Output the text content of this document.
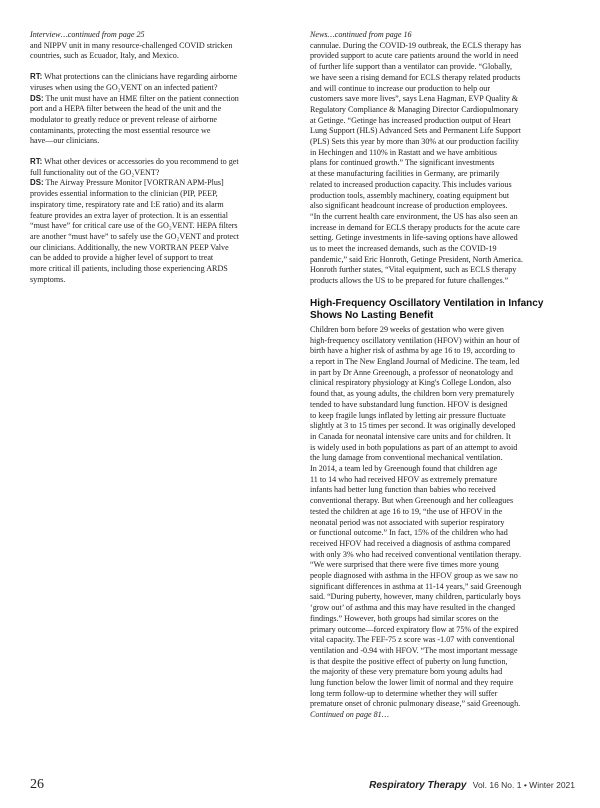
Interview…continued from page 25

and NIPPV unit in many resource-challenged COVID stricken

countries, such as Ecuador, Italy, and Mexico.

RT: What protections can the clinicians have regarding airborne

viruses when using the GO₂VENT on an infected patient?

DS: The unit must have an HME filter on the patient connection

port and a HEPA filter between the head of the unit and the

modulator to greatly reduce or prevent release of airborne

contaminants, protecting the most essential resource we

have—our clinicians.

RT: What other devices or accessories do you recommend to get

full functionality out of the GO₂VENT?

DS: The Airway Pressure Monitor [VORTRAN APM-Plus]

provides essential information to the clinician (PIP, PEEP,

inspiratory time, respiratory rate and I:E ratio) and its alarm

feature provides an extra layer of protection. It is an essential

“must have” for critical care use of the GO₂VENT. HEPA filters

are another “must have” to safely use the GO₂VENT and protect

our clinicians. Additionally, the new VORTRAN PEEP Valve

can be added to provide a higher level of support to treat

more critical ill patients, including those experiencing ARDS

symptoms.

News…continued from page 16

cannulae. During the COVID-19 outbreak, the ECLS therapy has

provided support to acute care patients around the world in need

of further life support than a ventilator can provide. “Globally,

we have seen a rising demand for ECLS therapy related products

and will continue to increase our production to help our

customers save more lives”, says Lena Hagman, EVP Quality &

Regulatory Compliance & Managing Director Cardiopulmonary

at Getinge. “Getinge has increased production output of Heart

Lung Support (HLS) Advanced Sets and Permanent Life Support

(PLS) Sets this year by more than 30% at our production facility

in Hechingen and 110% in Rastatt and we have ambitious

plans for continued growth.” The significant investments

at these manufacturing facilities in Germany, are primarily

related to increased production capacity. This includes various

production tools, assembly machinery, coating equipment but

also significant headcount increase of production employees.

“In the current health care environment, the US has also seen an

increase in demand for ECLS therapy products for the acute care

setting. Getinge investments in life-saving options have allowed

us to meet the increased demands, such as the COVID-19

pandemic,” said Eric Honroth, Getinge President, North America.

Honroth further states, “Vital equipment, such as ECLS therapy

products allows the US to be prepared for future challenges.”

High-Frequency Oscillatory Ventilation in Infancy Shows No Lasting Benefit

Children born before 29 weeks of gestation who were given

high-frequency oscillatory ventilation (HFOV) within an hour of

birth have a higher risk of asthma by age 16 to 19, according to

a report in The New England Journal of Medicine. The team, led

in part by Dr Anne Greenough, a professor of neonatology and

clinical respiratory physiology at King's College London, also

found that, as young adults, the children born very prematurely

tended to have substandard lung function. HFOV is designed

to keep fragile lungs inflated by letting air pressure fluctuate

slightly at 3 to 15 times per second. It was originally developed

in Canada for neonatal intensive care units and for children. It

is widely used in both populations as part of an attempt to avoid

the lung damage from conventional mechanical ventilation.

In 2014, a team led by Greenough found that children age

11 to 14 who had received HFOV as extremely premature

infants had better lung function than babies who received

conventional therapy. But when Greenough and her colleagues

tested the children at age 16 to 19, “the use of HFOV in the

neonatal period was not associated with superior respiratory

or functional outcome.” In fact, 15% of the children who had

received HFOV had received a diagnosis of asthma compared

with only 3% who had received conventional ventilation therapy.

“We were surprised that there were five times more young

people diagnosed with asthma in the HFOV group as we saw no

significant differences in asthma at 11-14 years,” said Greenough

said. “During puberty, however, many children, particularly boys

‘grow out’ of asthma and this may have resulted in the changed

findings.” However, both groups had similar scores on the

primary outcome—forced expiratory flow at 75% of the expired

vital capacity. The FEF-75 z score was -1.07 with conventional

ventilation and -0.94 with HFOV. “The most important message

is that despite the positive effect of puberty on lung function,

the majority of these very premature born young adults had

lung function below the lower limit of normal and they require

long term follow-up to determine whether they will suffer

premature onset of chronic pulmonary disease,” said Greenough.

Continued on page 81…

26	Respiratory Therapy Vol. 16 No. 1 • Winter 2021
